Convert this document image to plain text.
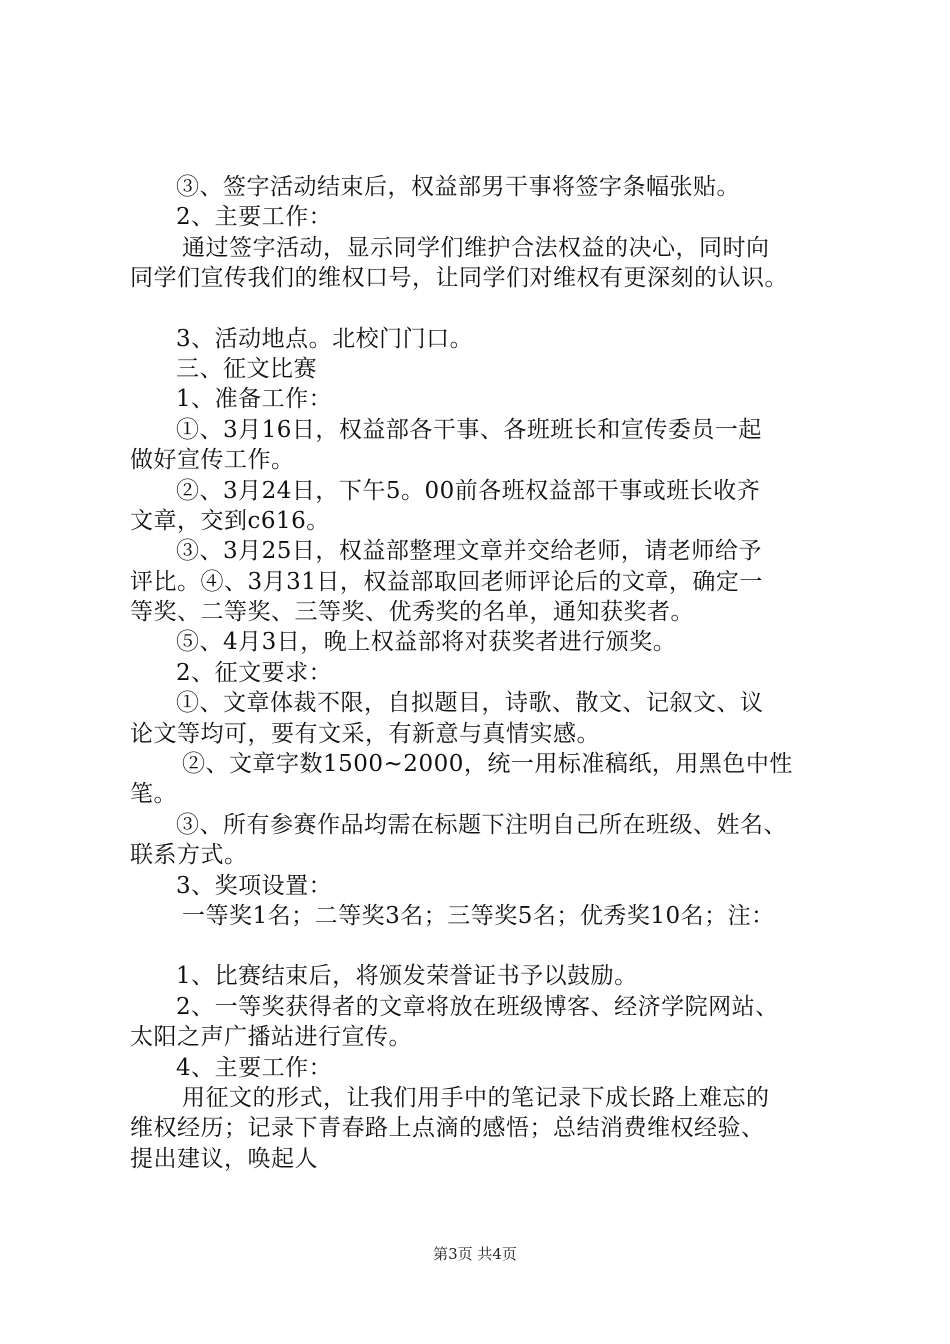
③、签字活动结束后，权益部男干事将签字条幅张贴。
2、主要工作：
通过签字活动，显示同学们维护合法权益的决心，同时向
同学们宣传我们的维权口号，让同学们对维权有更深刻的认识。
3、活动地点。北校门门口。
三、征文比赛
1、准备工作：
①、3月16日，权益部各干事、各班班长和宣传委员一起
做好宣传工作。
②、3月24日，下午5。00前各班权益部干事或班长收齐
文章，交到c616。
③、3月25日，权益部整理文章并交给老师，请老师给予
评比。④、3月31日，权益部取回老师评论后的文章，确定一
等奖、二等奖、三等奖、优秀奖的名单，通知获奖者。
⑤、4月3日，晚上权益部将对获奖者进行颁奖。
2、征文要求：
①、文章体裁不限，自拟题目，诗歌、散文、记叙文、议
论文等均可，要有文采，有新意与真情实感。
②、文章字数1500~2000，统一用标准稿纸，用黑色中性
笔。
③、所有参赛作品均需在标题下注明自己所在班级、姓名、
联系方式。
3、奖项设置：
一等奖1名；二等奖3名；三等奖5名；优秀奖10名；注：
1、比赛结束后，将颁发荣誉证书予以鼓励。
2、一等奖获得者的文章将放在班级博客、经济学院网站、
太阳之声广播站进行宣传。
4、主要工作：
用征文的形式，让我们用手中的笔记录下成长路上难忘的
维权经历；记录下青春路上点滴的感悟；总结消费维权经验、
提出建议，唤起人
第3页 共4页
